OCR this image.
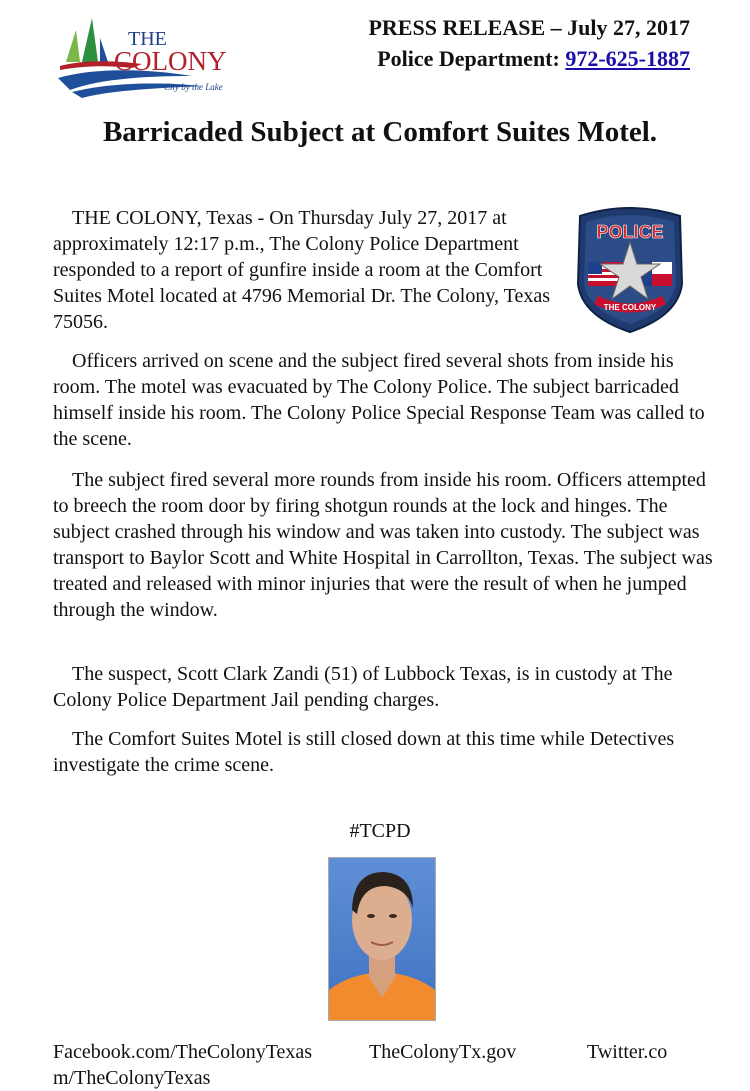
THE
COLONY
City by the Lake
PRESS RELEASE – July 27, 2017
Police Department: 972-625-1887
Barricaded Subject at Comfort Suites Motel.
POLICE
THE COLONY

THE COLONY, Texas - On Thursday July 27, 2017 at approximately 12:17 p.m., The Colony Police Department responded to a report of gunfire inside a room at the Comfort Suites Motel located at 4796 Memorial Dr. The Colony, Texas 75056.

Officers arrived on scene and the subject fired several shots from inside his room. The motel was evacuated by The Colony Police. The subject barricaded himself inside his room. The Colony Police Special Response Team was called to the scene.

The subject fired several more rounds from inside his room. Officers attempted to breech the room door by firing shotgun rounds at the lock and hinges. The subject crashed through his window and was taken into custody. The subject was transport to Baylor Scott and White Hospital in Carrollton, Texas. The subject was treated and released with minor injuries that were the result of when he jumped through the window.

The suspect, Scott Clark Zandi (51) of Lubbock Texas, is in custody at The Colony Police Department Jail pending charges.

The Comfort Suites Motel is still closed down at this time while Detectives investigate the crime scene.

#TCPD
Facebook.com/TheColonyTexas	TheColonyTx.gov	Twitter.co
m/TheColonyTexas
